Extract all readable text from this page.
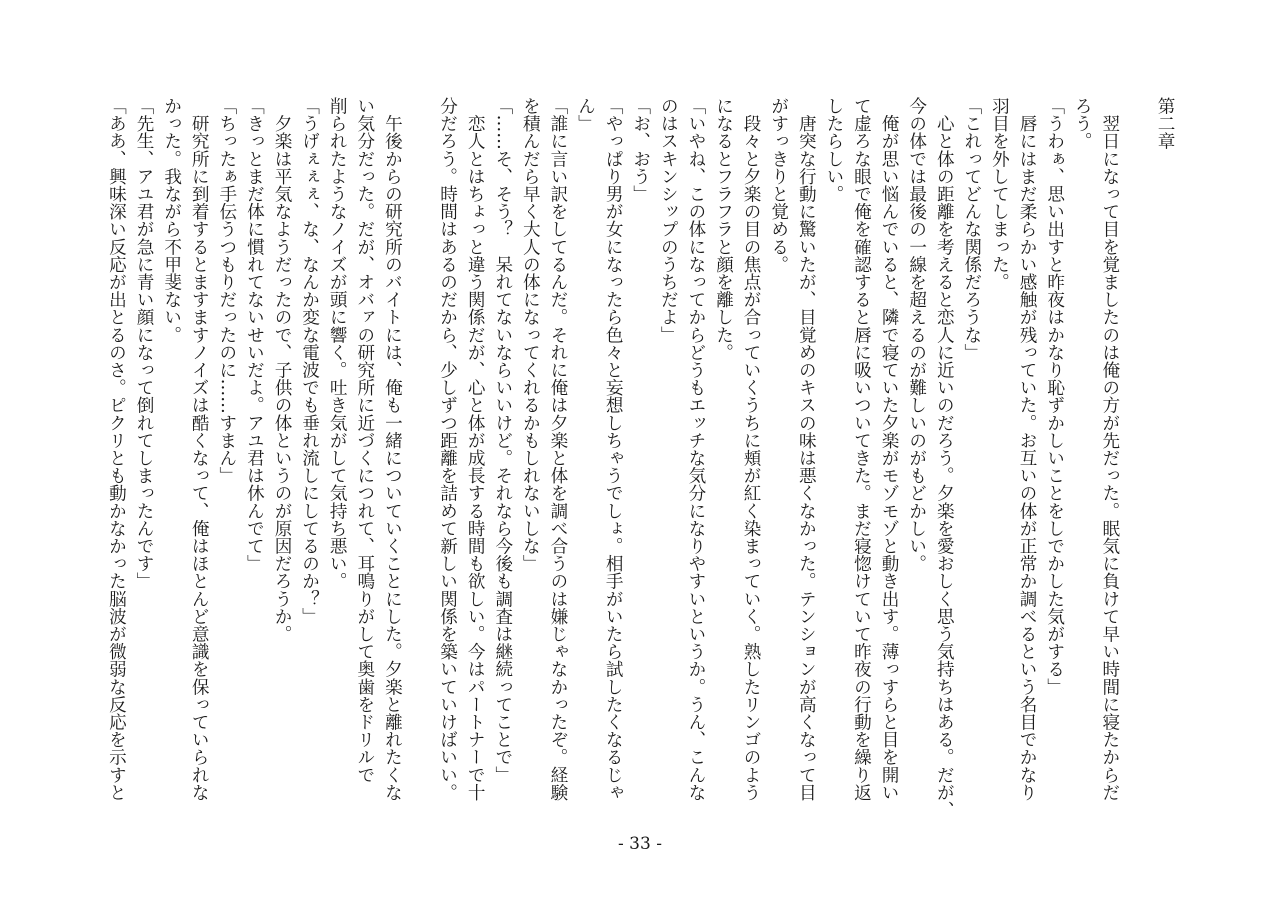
第二章
　翌日になって目を覚ましたのは俺の方が先だった。眠気に負けて早い時間に寝たからだ
ろう。
「うわぁ、思い出すと昨夜はかなり恥ずかしいことをしでかした気がする」
　唇にはまだ柔らかい感触が残っていた。お互いの体が正常か調べるという名目でかなり
羽目を外してしまった。
「これってどんな関係だろうな」
　心と体の距離を考えると恋人に近いのだろう。夕楽を愛おしく思う気持ちはある。だが、
今の体では最後の一線を超えるのが難しいのがもどかしい。
　俺が思い悩んでいると、隣で寝ていた夕楽がモゾモゾと動き出す。薄っすらと目を開い
て虚ろな眼で俺を確認すると唇に吸いついてきた。まだ寝惚けていて昨夜の行動を繰り返
したらしい。
　唐突な行動に驚いたが、目覚めのキスの味は悪くなかった。テンションが高くなって目
がすっきりと覚める。
　段々と夕楽の目の焦点が合っていくうちに頬が紅く染まっていく。熟したリンゴのよう
になるとフラフラと顔を離した。
「いやね、この体になってからどうもエッチな気分になりやすいというか。うん、こんな
のはスキンシップのうちだよ」
「お、おう」
「やっぱり男が女になったら色々と妄想しちゃうでしょ。相手がいたら試したくなるじゃ
ん」
「誰に言い訳をしてるんだ。それに俺は夕楽と体を調べ合うのは嫌じゃなかったぞ。経験
を積んだら早く大人の体になってくれるかもしれないしな」
「……そ、そう？　呆れてないならいいけど。それなら今後も調査は継続ってことで」
　恋人とはちょっと違う関係だが、心と体が成長する時間も欲しい。今はパートナーで十
分だろう。時間はあるのだから、少しずつ距離を詰めて新しい関係を築いていけばいい。
　午後からの研究所のバイトには、俺も一緒についていくことにした。夕楽と離れたくな
い気分だった。だが、オバァの研究所に近づくにつれて、耳鳴りがして奥歯をドリルで
削られたようなノイズが頭に響く。吐き気がして気持ち悪い。
「うげぇぇぇ、な、なんか変な電波でも垂れ流しにしてるのか？」
　夕楽は平気なようだったので、子供の体というのが原因だろうか。
「きっとまだ体に慣れてないせいだよ。アユ君は休んでて」
「ちったぁ手伝うつもりだったのに……すまん」
　研究所に到着するとますますノイズは酷くなって、俺はほとんど意識を保っていられな
かった。我ながら不甲斐ない。
「先生、アユ君が急に青い顔になって倒れてしまったんです」
「ああ、興味深い反応が出とるのさ。ピクリとも動かなかった脳波が微弱な反応を示すと
- 33 -
